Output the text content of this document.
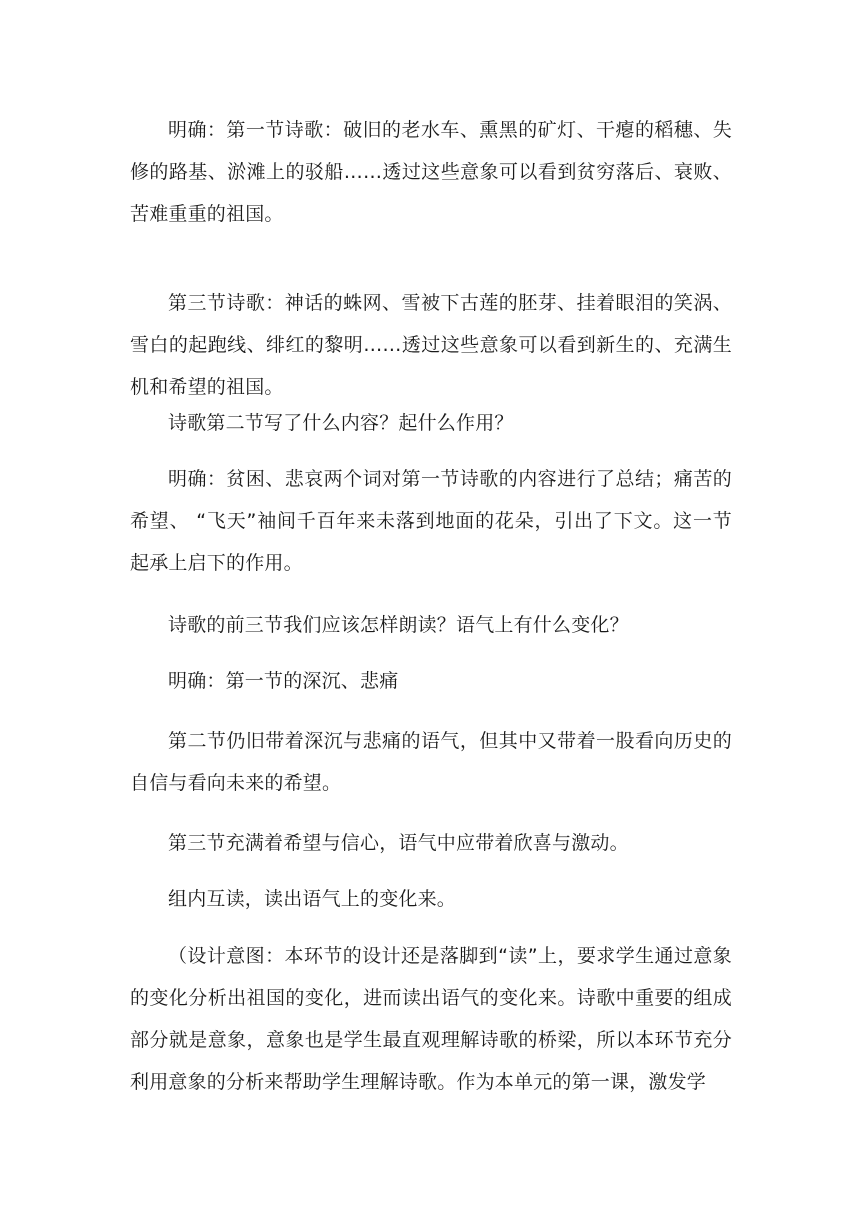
明确：第一节诗歌：破旧的老水车、熏黑的矿灯、干瘪的稻穗、失修的路基、淤滩上的驳船……透过这些意象可以看到贫穷落后、衰败、苦难重重的祖国。

第三节诗歌：神话的蛛网、雪被下古莲的胚芽、挂着眼泪的笑涡、雪白的起跑线、绯红的黎明……透过这些意象可以看到新生的、充满生机和希望的祖国。

诗歌第二节写了什么内容？起什么作用？

明确：贫困、悲哀两个词对第一节诗歌的内容进行了总结；痛苦的希望、 “飞天”袖间千百年来未落到地面的花朵，引出了下文。这一节起承上启下的作用。

诗歌的前三节我们应该怎样朗读？语气上有什么变化？

明确：第一节的深沉、悲痛

第二节仍旧带着深沉与悲痛的语气，但其中又带着一股看向历史的自信与看向未来的希望。

第三节充满着希望与信心，语气中应带着欣喜与激动。

组内互读，读出语气上的变化来。

（设计意图：本环节的设计还是落脚到“读”上，要求学生通过意象的变化分析出祖国的变化，进而读出语气的变化来。诗歌中重要的组成部分就是意象，意象也是学生最直观理解诗歌的桥梁，所以本环节充分利用意象的分析来帮助学生理解诗歌。作为本单元的第一课，激发学
